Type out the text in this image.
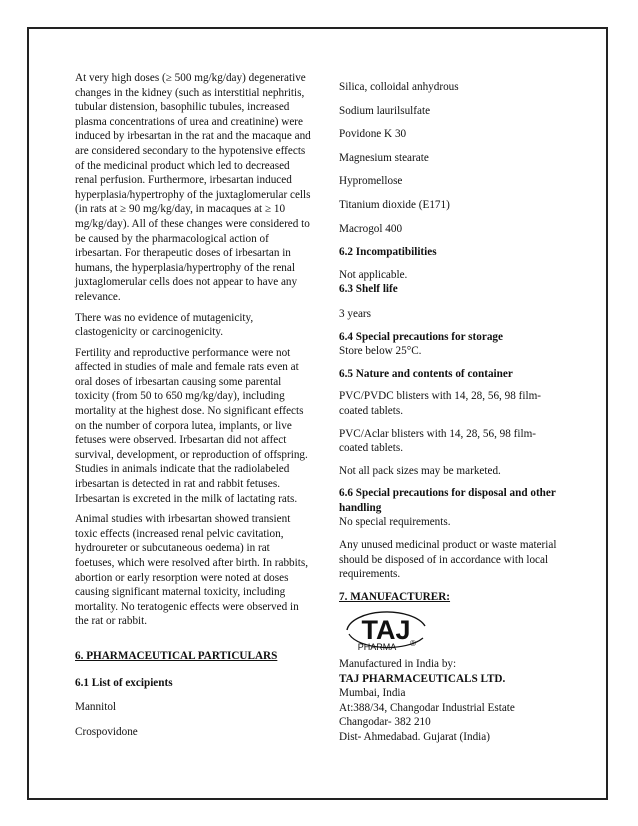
At very high doses (≥ 500 mg/kg/day) degenerative changes in the kidney (such as interstitial nephritis, tubular distension, basophilic tubules, increased plasma concentrations of urea and creatinine) were induced by irbesartan in the rat and the macaque and are considered secondary to the hypotensive effects of the medicinal product which led to decreased renal perfusion. Furthermore, irbesartan induced hyperplasia/hypertrophy of the juxtaglomerular cells (in rats at ≥ 90 mg/kg/day, in macaques at ≥ 10 mg/kg/day). All of these changes were considered to be caused by the pharmacological action of irbesartan. For therapeutic doses of irbesartan in humans, the hyperplasia/hypertrophy of the renal juxtaglomerular cells does not appear to have any relevance.

There was no evidence of mutagenicity, clastogenicity or carcinogenicity.

Fertility and reproductive performance were not affected in studies of male and female rats even at oral doses of irbesartan causing some parental toxicity (from 50 to 650 mg/kg/day), including mortality at the highest dose. No significant effects on the number of corpora lutea, implants, or live fetuses were observed. Irbesartan did not affect survival, development, or reproduction of offspring. Studies in animals indicate that the radiolabeled irbesartan is detected in rat and rabbit fetuses. Irbesartan is excreted in the milk of lactating rats.

Animal studies with irbesartan showed transient toxic effects (increased renal pelvic cavitation, hydroureter or subcutaneous oedema) in rat foetuses, which were resolved after birth. In rabbits, abortion or early resorption were noted at doses causing significant maternal toxicity, including mortality. No teratogenic effects were observed in the rat or rabbit.

6. PHARMACEUTICAL PARTICULARS

6.1 List of excipients

Mannitol

Crospovidone

Silica, colloidal anhydrous

Sodium laurilsulfate

Povidone K 30

Magnesium stearate

Hypromellose

Titanium dioxide (E171)

Macrogol 400

6.2 Incompatibilities

Not applicable.

6.3 Shelf life

3 years

6.4 Special precautions for storage

Store below 25°C.

6.5 Nature and contents of container

PVC/PVDC blisters with 14, 28, 56, 98 film-coated tablets.

PVC/Aclar blisters with 14, 28, 56, 98 film-coated tablets.

Not all pack sizes may be marketed.

6.6 Special precautions for disposal and other handling

No special requirements.

Any unused medicinal product or waste material should be disposed of in accordance with local requirements.

7. MANUFACTURER:

TAJ
PHARMA ®

Manufactured in India by:

TAJ PHARMACEUTICALS LTD.

Mumbai, India

At:388/34, Changodar Industrial Estate

Changodar- 382 210

Dist- Ahmedabad. Gujarat (India)
